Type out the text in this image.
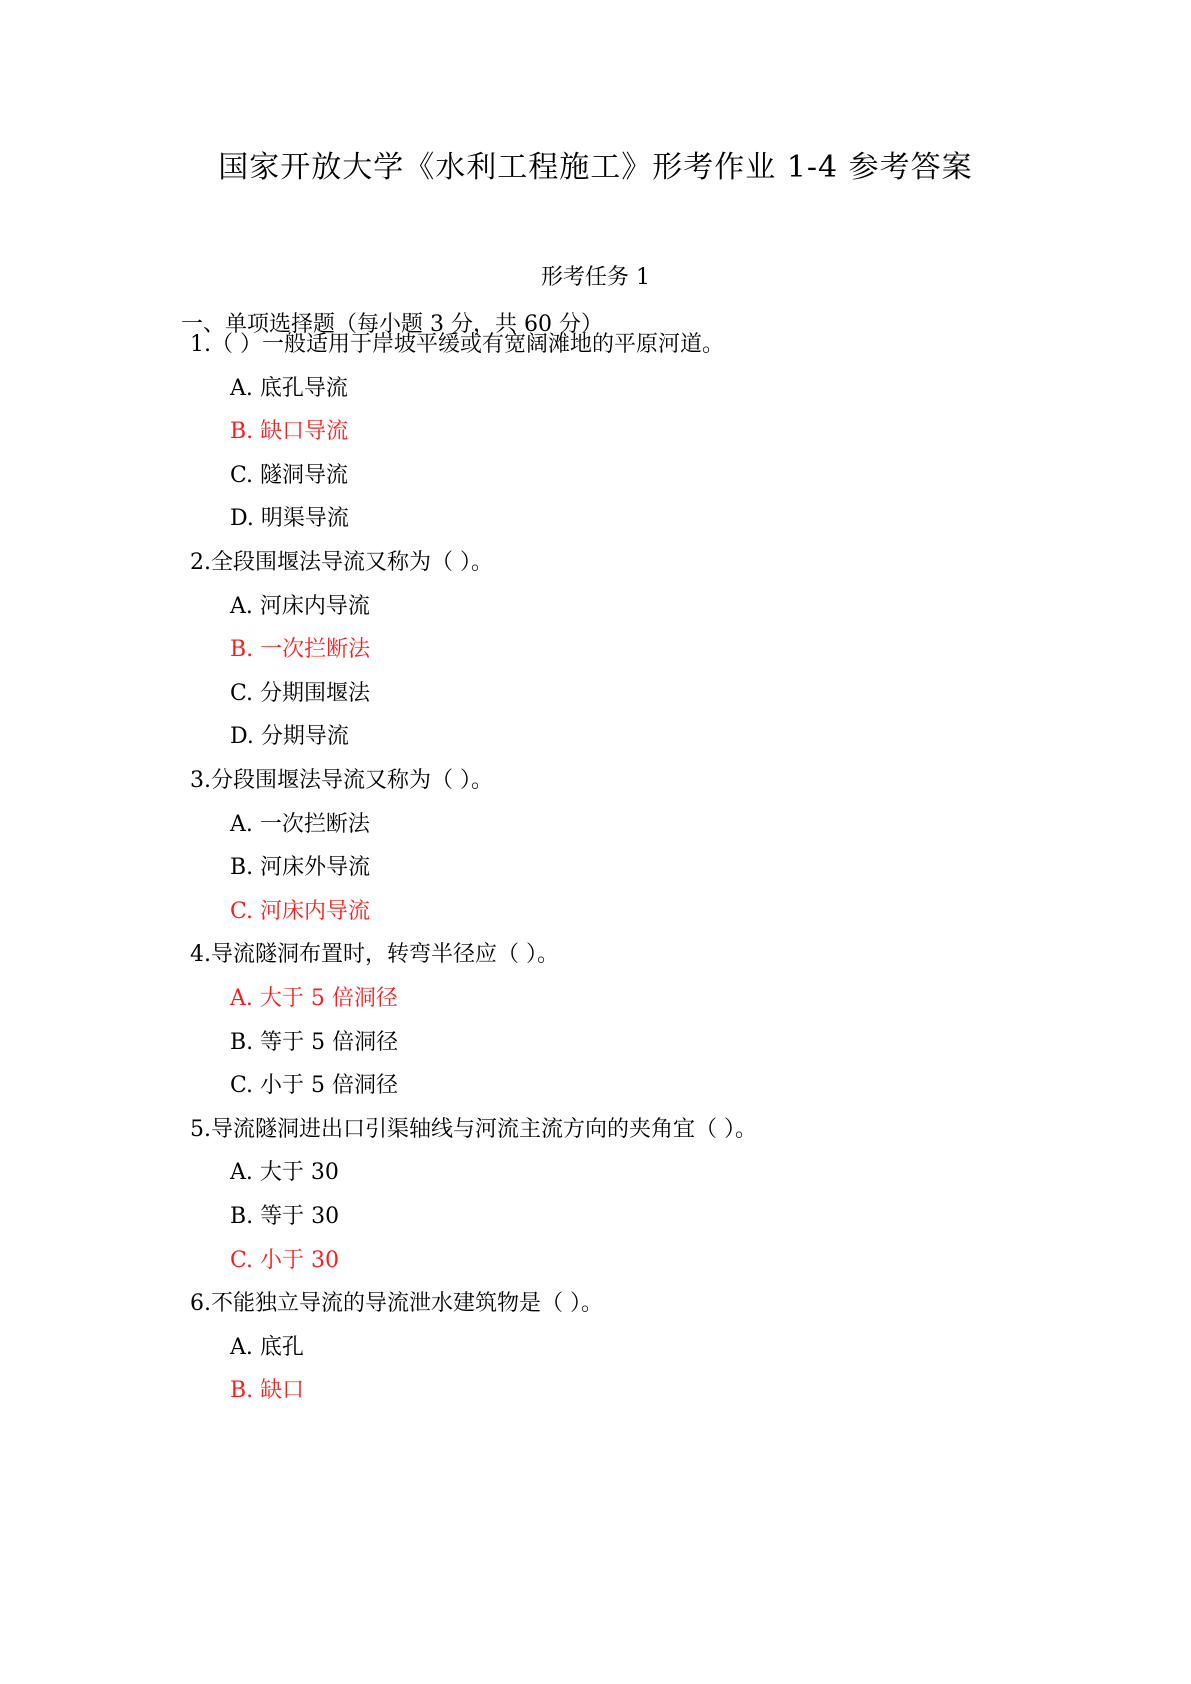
国家开放大学《水利工程施工》形考作业 1-4 参考答案
形考任务 1
一、单项选择题（每小题 3 分，共 60 分）
1.（ ）一般适用于岸坡平缓或有宽阔滩地的平原河道。
A. 底孔导流
B. 缺口导流
C. 隧洞导流
D. 明渠导流
2.全段围堰法导流又称为（ ）。
A. 河床内导流
B. 一次拦断法
C. 分期围堰法
D. 分期导流
3.分段围堰法导流又称为（ ）。
A. 一次拦断法
B. 河床外导流
C. 河床内导流
4.导流隧洞布置时，转弯半径应（ ）。
A. 大于 5 倍洞径
B. 等于 5 倍洞径
C. 小于 5 倍洞径
5.导流隧洞进出口引渠轴线与河流主流方向的夹角宜（ ）。
A. 大于 30
B. 等于 30
C. 小于 30
6.不能独立导流的导流泄水建筑物是（ ）。
A. 底孔
B. 缺口
